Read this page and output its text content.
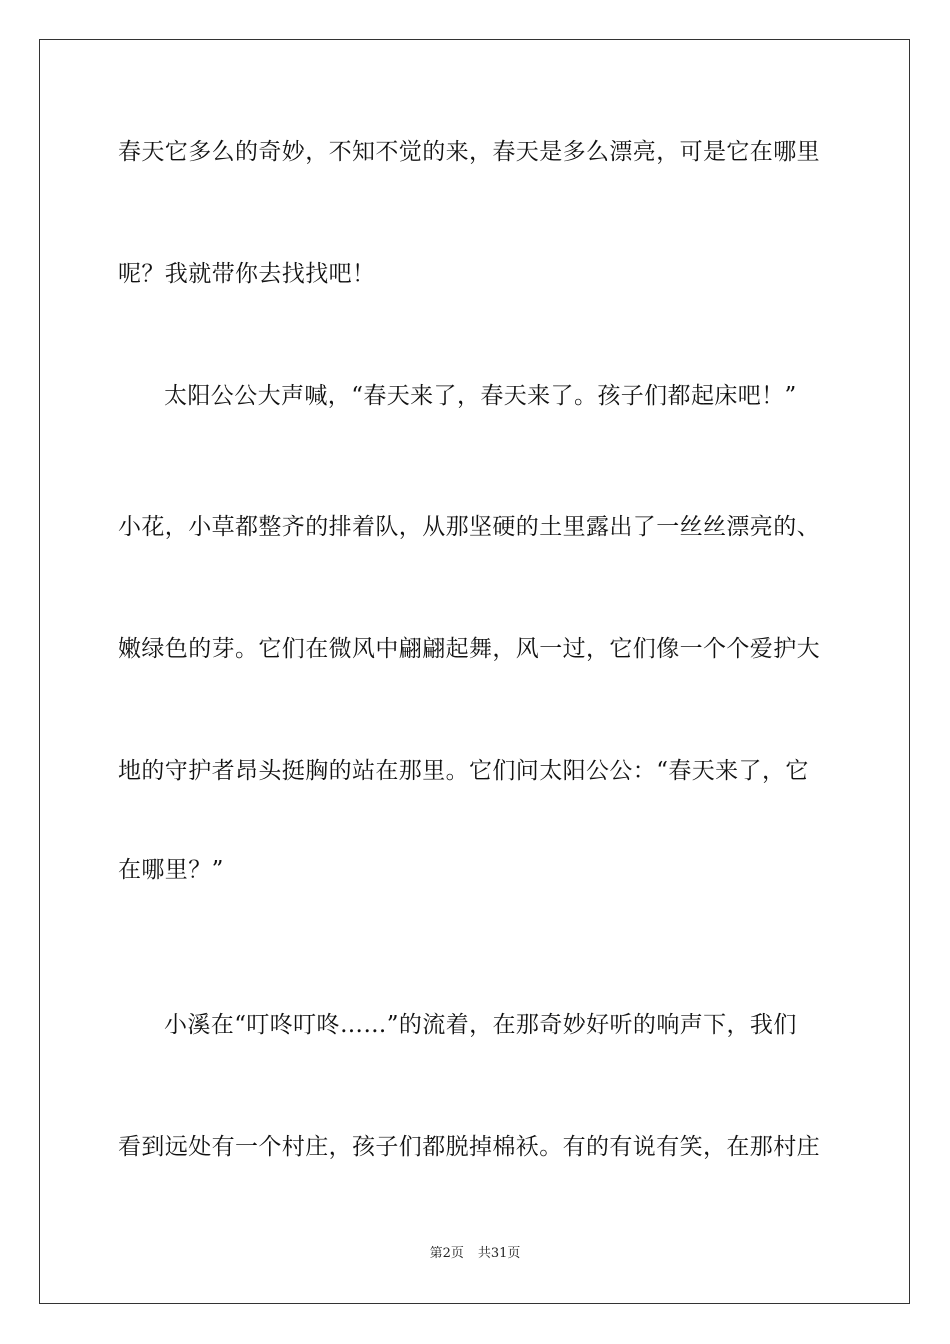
春天它多么的奇妙，不知不觉的来，春天是多么漂亮，可是它在哪里
呢？我就带你去找找吧！
太阳公公大声喊，“春天来了，春天来了。孩子们都起床吧！”
小花，小草都整齐的排着队，从那坚硬的土里露出了一丝丝漂亮的、
嫩绿色的芽。它们在微风中翩翩起舞，风一过，它们像一个个爱护大
地的守护者昂头挺胸的站在那里。它们问太阳公公：“春天来了，它
在哪里？”
小溪在“叮咚叮咚……”的流着，在那奇妙好听的响声下，我们
看到远处有一个村庄，孩子们都脱掉棉袄。有的有说有笑，在那村庄
第2页 共31页
